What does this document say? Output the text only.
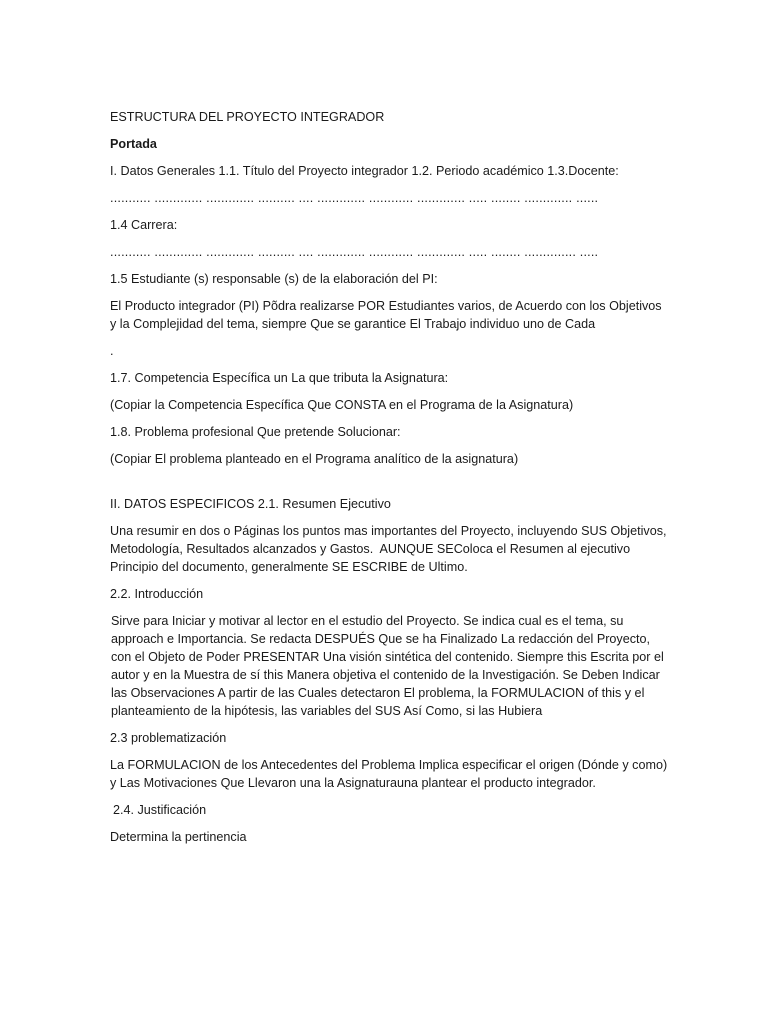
ESTRUCTURA DEL PROYECTO INTEGRADOR

Portada

I. Datos Generales 1.1. Título del Proyecto integrador 1.2. Periodo académico 1.3.Docente:

........... ............. ............. .......... .... ............. ............ ............. ..... ........ ............. ......

1.4 Carrera:

........... ............. ............. .......... .... ............. ............ ............. ..... ........ .............. .....

1.5 Estudiante (s) responsable (s) de la elaboración del PI:

El Producto integrador (PI) Põdra realizarse POR Estudiantes varios, de Acuerdo con los Objetivos y la Complejidad del tema, siempre Que se garantice El Trabajo individuo uno de Cada

.

1.7. Competencia Específica un La que tributa la Asignatura:

(Copiar la Competencia Específica Que CONSTA en el Programa de la Asignatura)

1.8. Problema profesional Que pretende Solucionar:

(Copiar El problema planteado en el Programa analítico de la asignatura)

II. DATOS ESPECIFICOS 2.1. Resumen Ejecutivo

Una resumir en dos o Páginas los puntos mas importantes del Proyecto, incluyendo SUS Objetivos, Metodología, Resultados alcanzados y Gastos.  AUNQUE SEColoca el Resumen al ejecutivo Principio del documento, generalmente SE ESCRIBE de Ultimo.

2.2. Introducción

Sirve para Iniciar y motivar al lector en el estudio del Proyecto. Se indica cual es el tema, su approach e Importancia. Se redacta DESPUÉS Que se ha Finalizado La redacción del Proyecto, con el Objeto de Poder PRESENTAR Una visión sintética del contenido. Siempre this Escrita por el autor y en la Muestra de sí this Manera objetiva el contenido de la Investigación. Se Deben Indicar las Observaciones A partir de las Cuales detectaron El problema, la FORMULACION of this y el planteamiento de la hipótesis, las variables del SUS Así Como, si las Hubiera

2.3 problematización

La FORMULACION de los Antecedentes del Problema Implica especificar el origen (Dónde y como) y Las Motivaciones Que Llevaron una la Asignaturauna plantear el producto integrador.

2.4. Justificación

Determina la pertinencia
